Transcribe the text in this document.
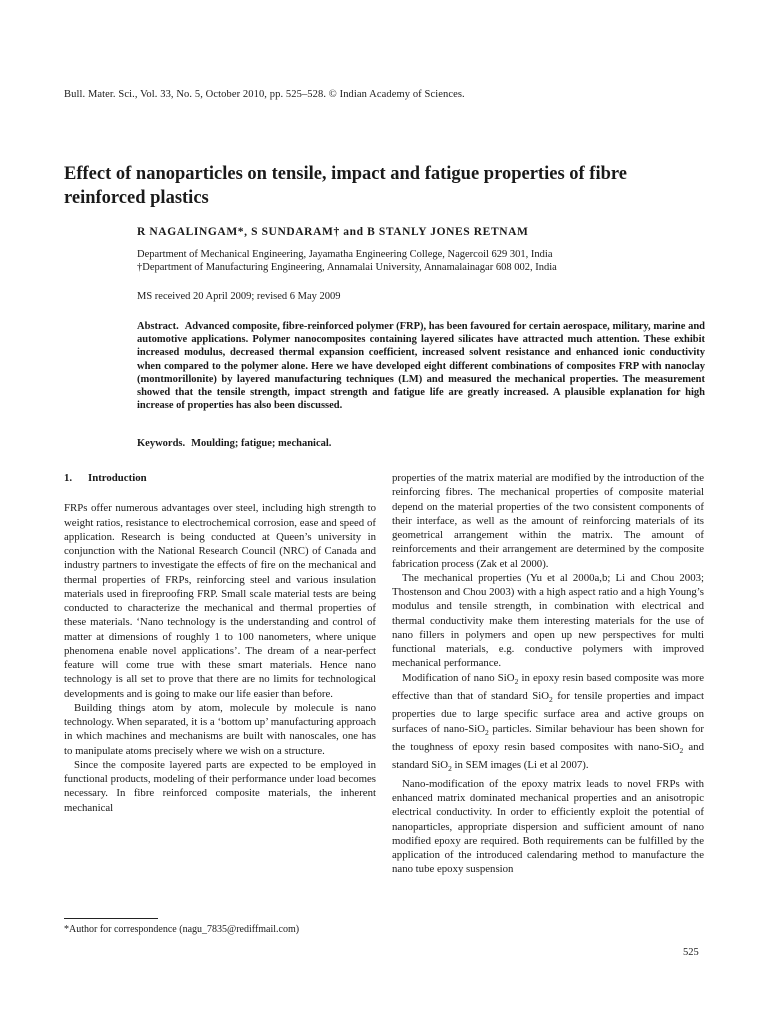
Bull. Mater. Sci., Vol. 33, No. 5, October 2010, pp. 525–528. © Indian Academy of Sciences.
Effect of nanoparticles on tensile, impact and fatigue properties of fibre reinforced plastics
R NAGALINGAM*, S SUNDARAM† and B STANLY JONES RETNAM
Department of Mechanical Engineering, Jayamatha Engineering College, Nagercoil 629 301, India
†Department of Manufacturing Engineering, Annamalai University, Annamalainagar 608 002, India
MS received 20 April 2009; revised 6 May 2009
Abstract. Advanced composite, fibre-reinforced polymer (FRP), has been favoured for certain aerospace, military, marine and automotive applications. Polymer nanocomposites containing layered silicates have attracted much attention. These exhibit increased modulus, decreased thermal expansion coefficient, increased solvent resistance and enhanced ionic conductivity when compared to the polymer alone. Here we have developed eight different combinations of composites FRP with nanoclay (montmorillonite) by layered manufacturing techniques (LM) and measured the mechanical properties. The measurement showed that the tensile strength, impact strength and fatigue life are greatly increased. A plausible explanation for high increase of properties has also been discussed.
Keywords. Moulding; fatigue; mechanical.
1. Introduction

FRPs offer numerous advantages over steel, including high strength to weight ratios, resistance to electrochemical corrosion, ease and speed of application. Research is being conducted at Queen’s university in conjunction with the National Research Council (NRC) of Canada and industry partners to investigate the effects of fire on the mechanical and thermal properties of FRPs, reinforcing steel and various insulation materials used in fireproofing FRP. Small scale material tests are being conducted to characterize the mechanical and thermal properties of these materials. ‘Nano technology is the understanding and control of matter at dimensions of roughly 1 to 100 nanometers, where unique phenomena enable novel applications’. The dream of a near-perfect feature will come true with these smart materials. Hence nano technology is all set to prove that there are no limits for technological developments and is going to make our life easier than before.

Building things atom by atom, molecule by molecule is nano technology. When separated, it is a ‘bottom up’ manufacturing approach in which machines and mechanisms are built with nanoscales, one has to manipulate atoms precisely where we wish on a structure.

Since the composite layered parts are expected to be employed in functional products, modeling of their performance under load becomes necessary. In fibre reinforced composite materials, the inherent mechanical

properties of the matrix material are modified by the introduction of the reinforcing fibres. The mechanical properties of composite material depend on the material properties of the two consistent components of their interface, as well as the amount of reinforcing materials of its geometrical arrangement within the matrix. The amount of reinforcements and their arrangement are determined by the composite fabrication process (Zak et al 2000).

The mechanical properties (Yu et al 2000a,b; Li and Chou 2003; Thostenson and Chou 2003) with a high aspect ratio and a high Young’s modulus and tensile strength, in combination with electrical and thermal conductivity make them interesting materials for the use of nano fillers in polymers and open up new perspectives for multi functional materials, e.g. conductive polymers with improved mechanical performance.

Modification of nano SiO$_2$ in epoxy resin based composite was more effective than that of standard SiO$_2$ for tensile properties and impact properties due to large specific surface area and active groups on surfaces of nano-SiO$_2$ particles. Similar behaviour has been shown for the toughness of epoxy resin based composites with nano-SiO$_2$ and standard SiO$_2$ in SEM images (Li et al 2007).

Nano-modification of the epoxy matrix leads to novel FRPs with enhanced matrix dominated mechanical properties and an anisotropic electrical conductivity. In order to efficiently exploit the potential of nanoparticles, appropriate dispersion and sufficient amount of nano modified epoxy are required. Both requirements can be fulfilled by the application of the introduced calendaring method to manufacture the nano tube epoxy suspension

*Author for correspondence (nagu_7835@rediffmail.com)
525
